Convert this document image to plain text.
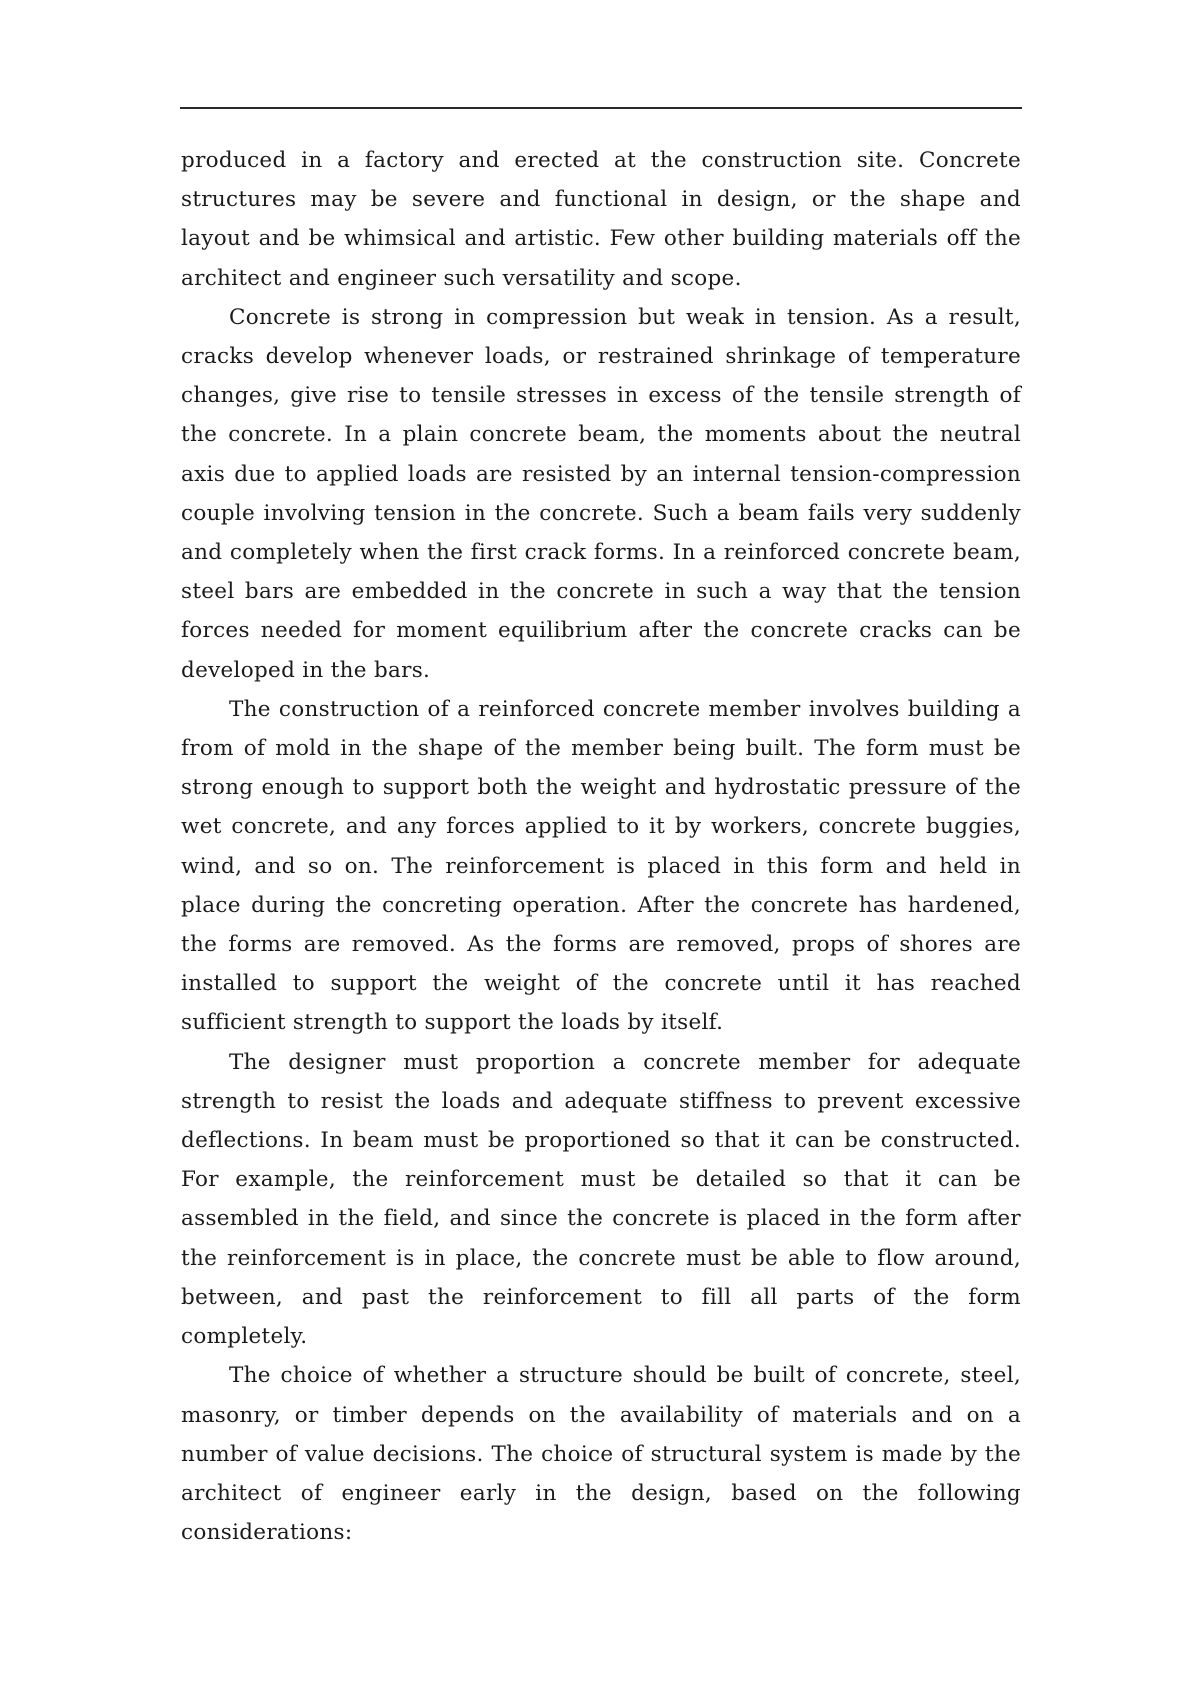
produced in a factory and erected at the construction site. Concrete structures may be severe and functional in design, or the shape and layout and be whimsical and artistic. Few other building materials off the architect and engineer such versatility and scope.

Concrete is strong in compression but weak in tension. As a result, cracks develop whenever loads, or restrained shrinkage of temperature changes, give rise to tensile stresses in excess of the tensile strength of the concrete. In a plain concrete beam, the moments about the neutral axis due to applied loads are resisted by an internal tension-compression couple involving tension in the concrete. Such a beam fails very suddenly and completely when the first crack forms. In a reinforced concrete beam, steel bars are embedded in the concrete in such a way that the tension forces needed for moment equilibrium after the concrete cracks can be developed in the bars.

The construction of a reinforced concrete member involves building a from of mold in the shape of the member being built. The form must be strong enough to support both the weight and hydrostatic pressure of the wet concrete, and any forces applied to it by workers, concrete buggies, wind, and so on. The reinforcement is placed in this form and held in place during the concreting operation. After the concrete has hardened, the forms are removed. As the forms are removed, props of shores are installed to support the weight of the concrete until it has reached sufficient strength to support the loads by itself.

The designer must proportion a concrete member for adequate strength to resist the loads and adequate stiffness to prevent excessive deflections. In beam must be proportioned so that it can be constructed. For example, the reinforcement must be detailed so that it can be assembled in the field, and since the concrete is placed in the form after the reinforcement is in place, the concrete must be able to flow around, between, and past the reinforcement to fill all parts of the form completely.

The choice of whether a structure should be built of concrete, steel, masonry, or timber depends on the availability of materials and on a number of value decisions. The choice of structural system is made by the architect of engineer early in the design, based on the following considerations:
